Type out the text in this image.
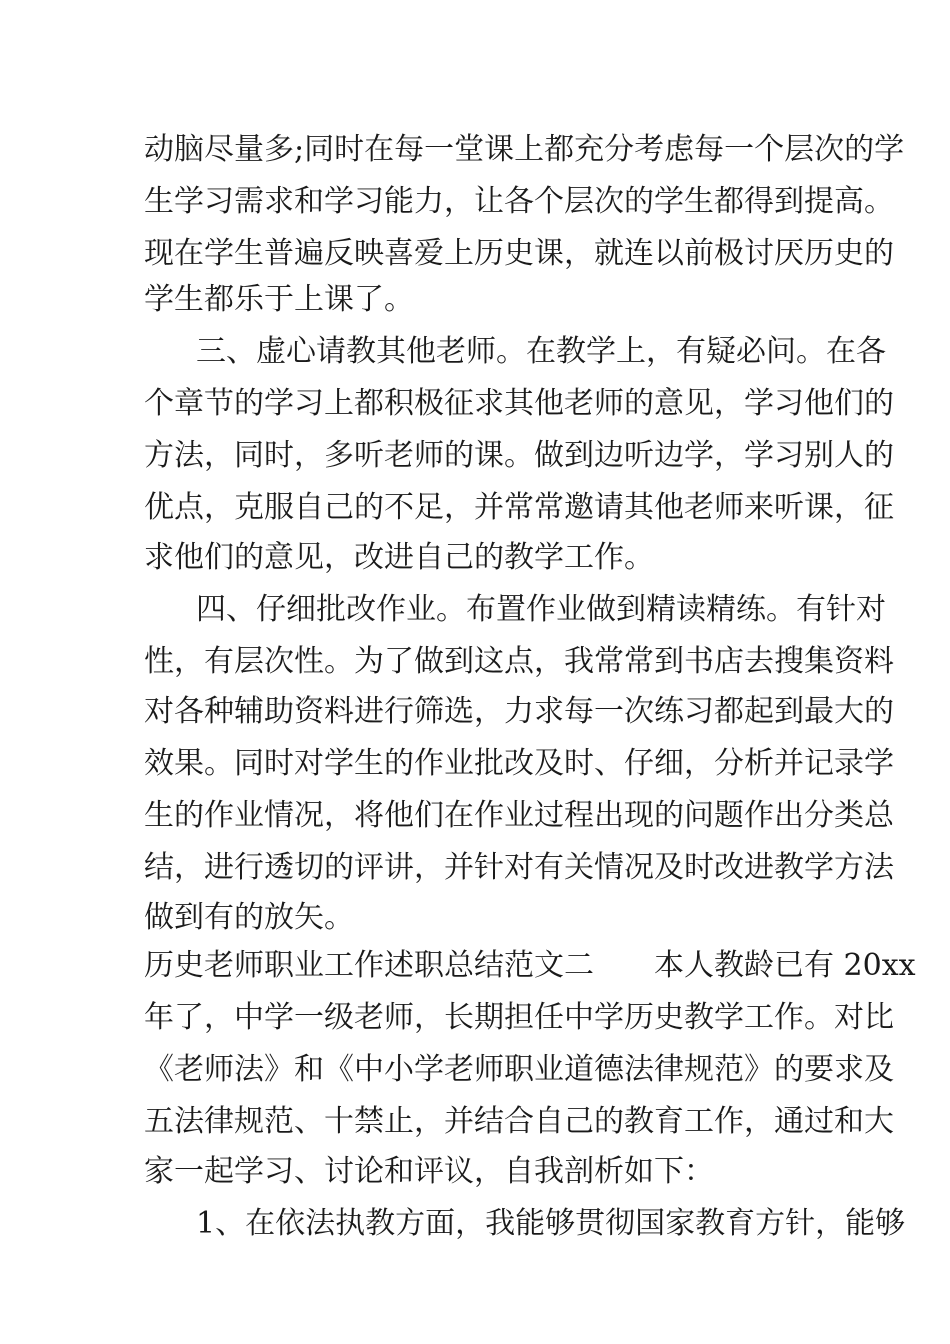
动脑尽量多;同时在每一堂课上都充分考虑每一个层次的学
生学习需求和学习能力，让各个层次的学生都得到提高。
现在学生普遍反映喜爱上历史课，就连以前极讨厌历史的
学生都乐于上课了。
三、虚心请教其他老师。在教学上，有疑必问。在各
个章节的学习上都积极征求其他老师的意见，学习他们的
方法，同时，多听老师的课。做到边听边学，学习别人的
优点，克服自己的不足，并常常邀请其他老师来听课，征
求他们的意见，改进自己的教学工作。
四、仔细批改作业。布置作业做到精读精练。有针对
性，有层次性。为了做到这点，我常常到书店去搜集资料
对各种辅助资料进行筛选，力求每一次练习都起到最大的
效果。同时对学生的作业批改及时、仔细，分析并记录学
生的作业情况，将他们在作业过程出现的问题作出分类总
结，进行透切的评讲，并针对有关情况及时改进教学方法
做到有的放矢。
历史老师职业工作述职总结范文二　　本人教龄已有 20xx
年了，中学一级老师，长期担任中学历史教学工作。对比
《老师法》和《中小学老师职业道德法律规范》的要求及
五法律规范、十禁止，并结合自己的教育工作，通过和大
家一起学习、讨论和评议，自我剖析如下：
1、在依法执教方面，我能够贯彻国家教育方针，能够
